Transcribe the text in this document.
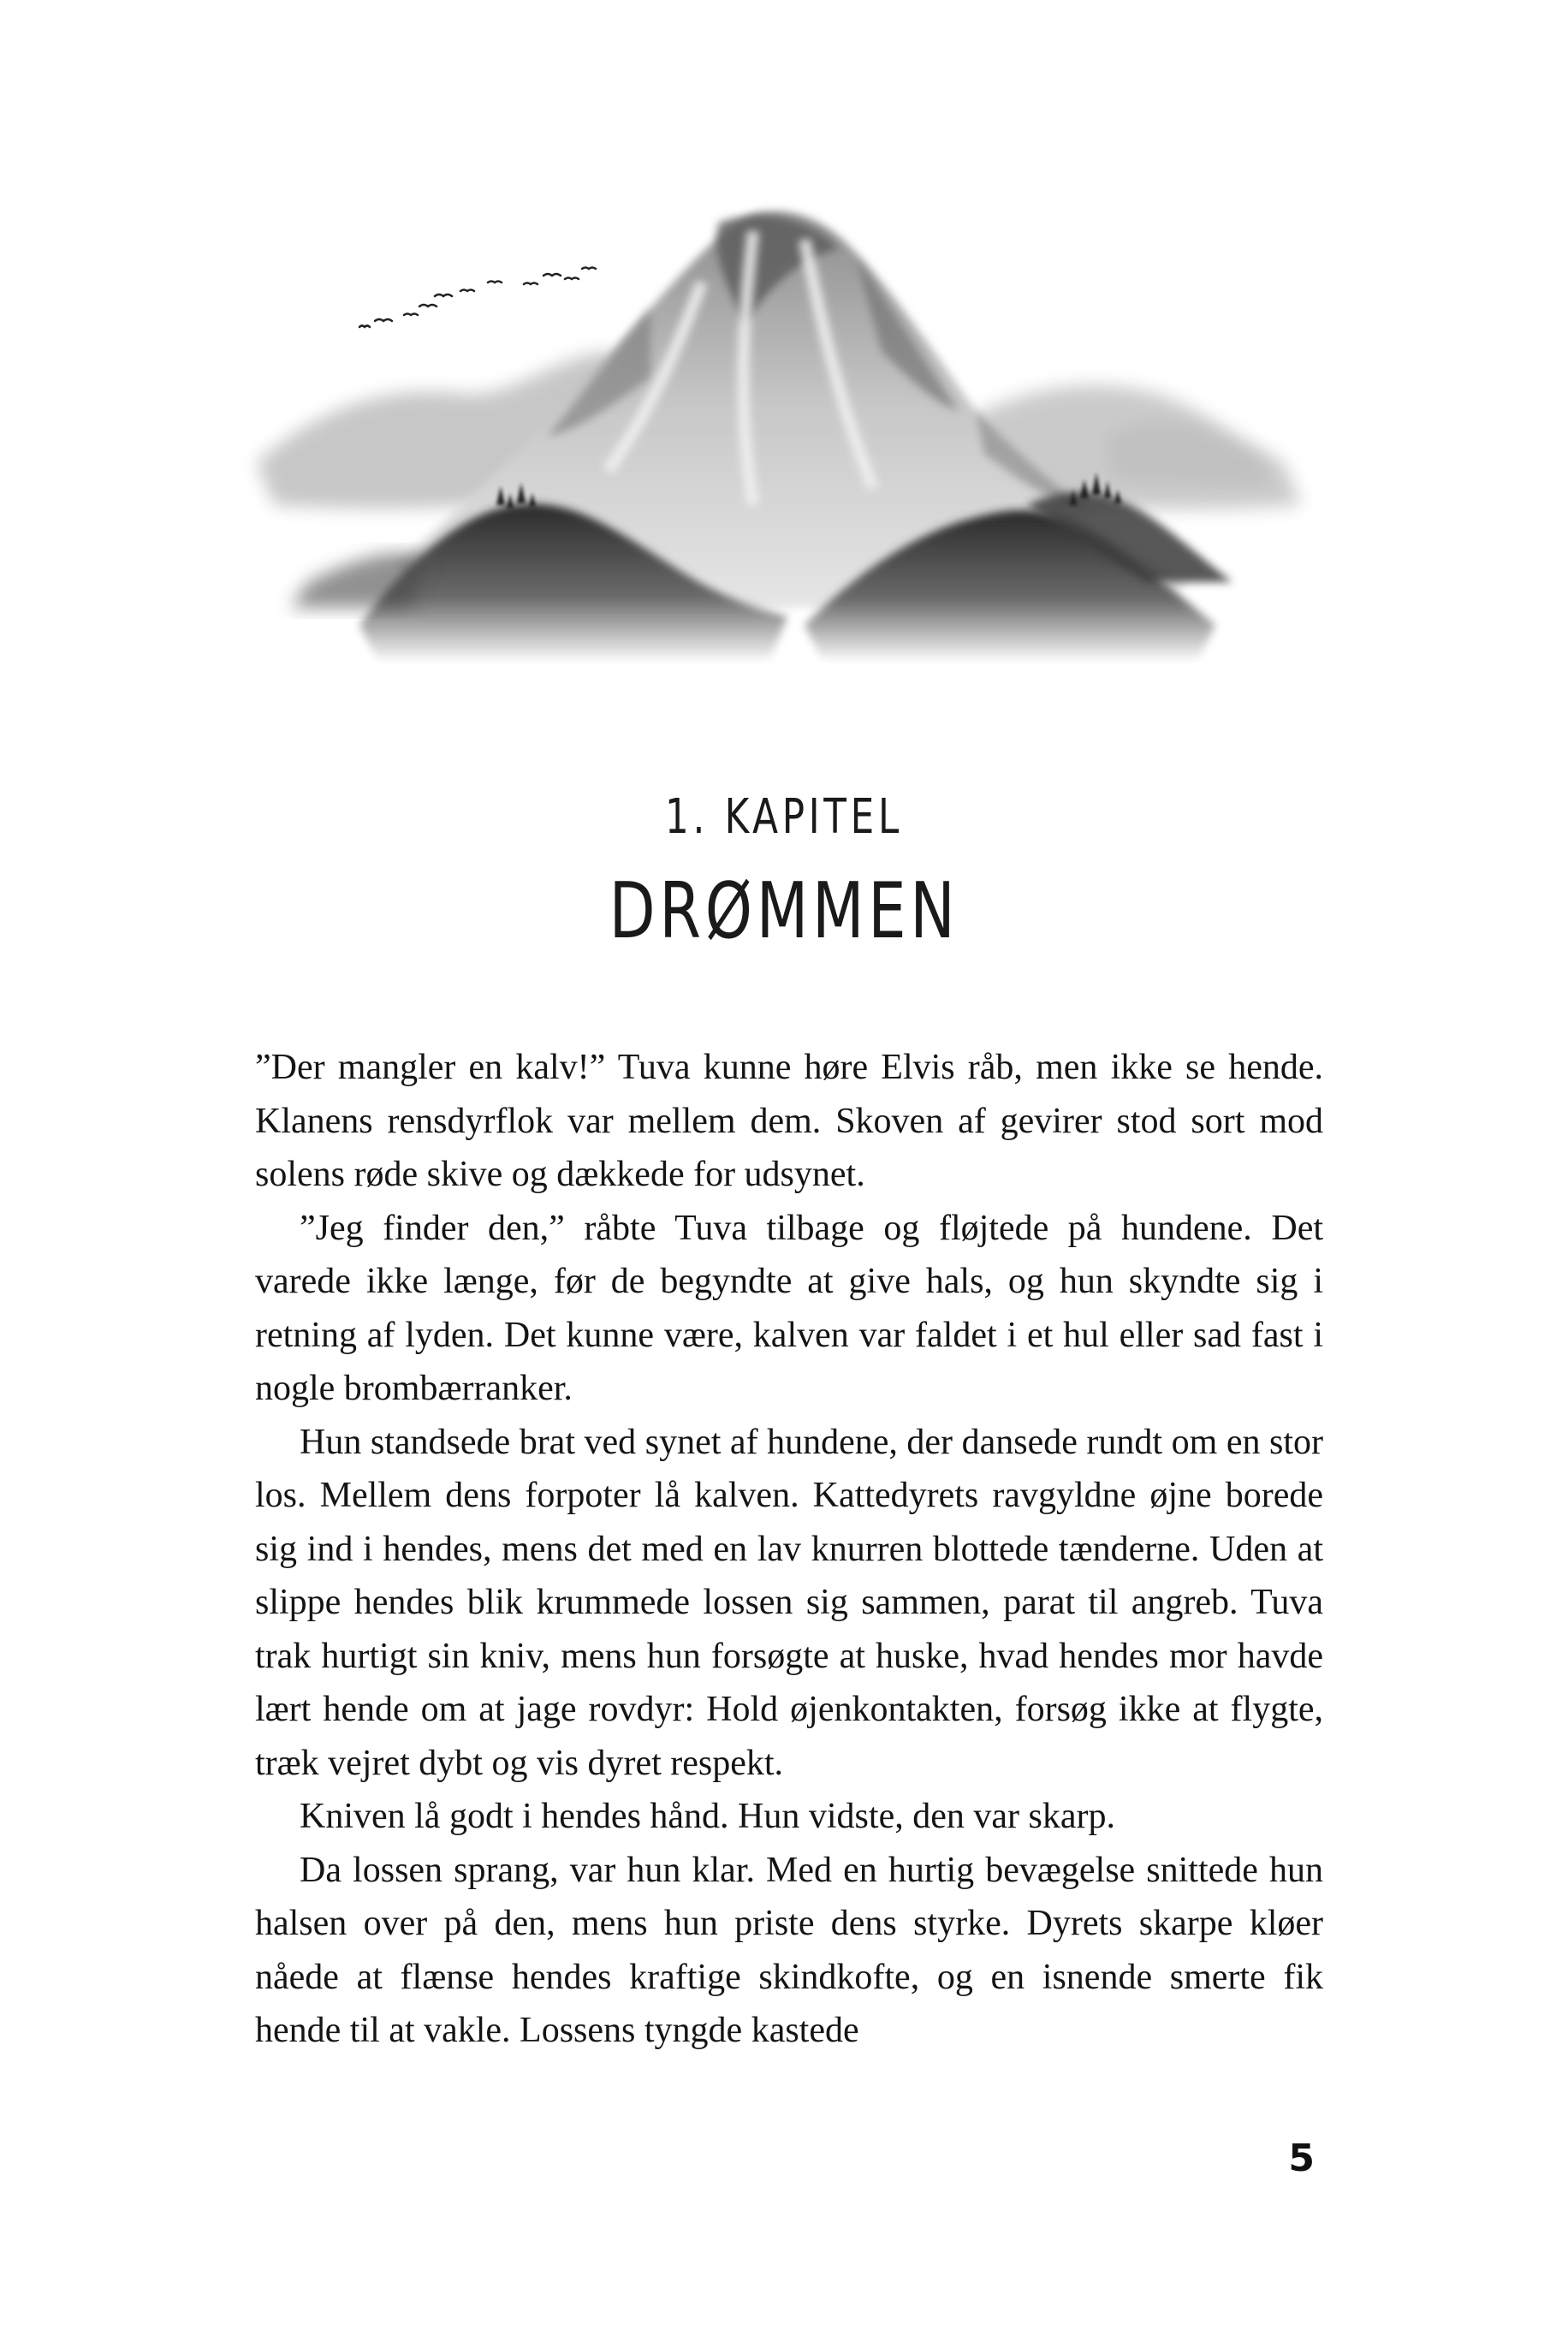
1. KAPITEL
DRØMMEN

”Der mangler en kalv!” Tuva kunne høre Elvis råb, men ikke se hende. Klanens rensdyrflok var mellem dem. Skoven af gevirer stod sort mod solens røde skive og dækkede for udsynet.

”Jeg finder den,” råbte Tuva tilbage og fløjtede på hundene. Det varede ikke længe, før de begyndte at give hals, og hun skyndte sig i retning af lyden. Det kunne være, kalven var faldet i et hul eller sad fast i nogle brombærranker.

Hun standsede brat ved synet af hundene, der dansede rundt om en stor los. Mellem dens forpoter lå kalven. Kattedyrets ravgyldne øjne borede sig ind i hendes, mens det med en lav knurren blottede tænderne. Uden at slippe hendes blik krummede lossen sig sammen, parat til angreb. Tuva trak hurtigt sin kniv, mens hun forsøgte at huske, hvad hendes mor havde lært hende om at jage rovdyr: Hold øjenkontakten, forsøg ikke at flygte, træk vejret dybt og vis dyret respekt.

Kniven lå godt i hendes hånd. Hun vidste, den var skarp.

Da lossen sprang, var hun klar. Med en hurtig bevægelse snittede hun halsen over på den, mens hun priste dens styrke. Dyrets skarpe kløer nåede at flænse hendes kraftige skindkofte, og en isnende smerte fik hende til at vakle. Lossens tyngde kastede

5
